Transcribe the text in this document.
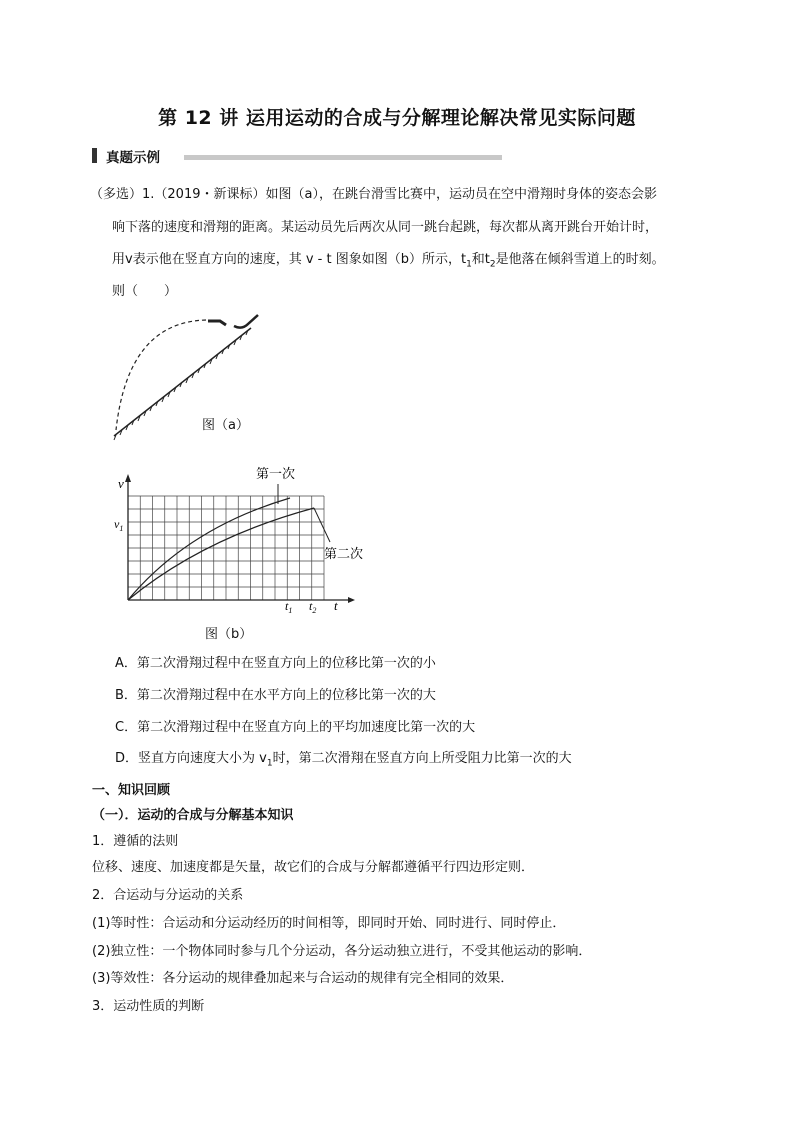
第 12 讲 运用运动的合成与分解理论解决常见实际问题
真题示例
（多选）1.（2019・新课标）如图（a），在跳台滑雪比赛中，运动员在空中滑翔时身体的姿态会影
响下落的速度和滑翔的距离。某运动员先后两次从同一跳台起跳，每次都从离开跳台开始计时，
用v表示他在竖直方向的速度，其 v - t 图象如图（b）所示，$t_1$和$t_2$是他落在倾斜雪道上的时刻。
则（　　）
图（a）
v
$v_1$
t
$t_1$ $t_2$
第一次
第二次
图（b）
A．第二次滑翔过程中在竖直方向上的位移比第一次的小
B．第二次滑翔过程中在水平方向上的位移比第一次的大
C．第二次滑翔过程中在竖直方向上的平均加速度比第一次的大
D．竖直方向速度大小为 $v_1$时，第二次滑翔在竖直方向上所受阻力比第一次的大
一、知识回顾
（一）．运动的合成与分解基本知识
1．遵循的法则
位移、速度、加速度都是矢量，故它们的合成与分解都遵循平行四边形定则．
2．合运动与分运动的关系
(1)等时性：合运动和分运动经历的时间相等，即同时开始、同时进行、同时停止．
(2)独立性：一个物体同时参与几个分运动，各分运动独立进行，不受其他运动的影响．
(3)等效性：各分运动的规律叠加起来与合运动的规律有完全相同的效果．
3．运动性质的判断
